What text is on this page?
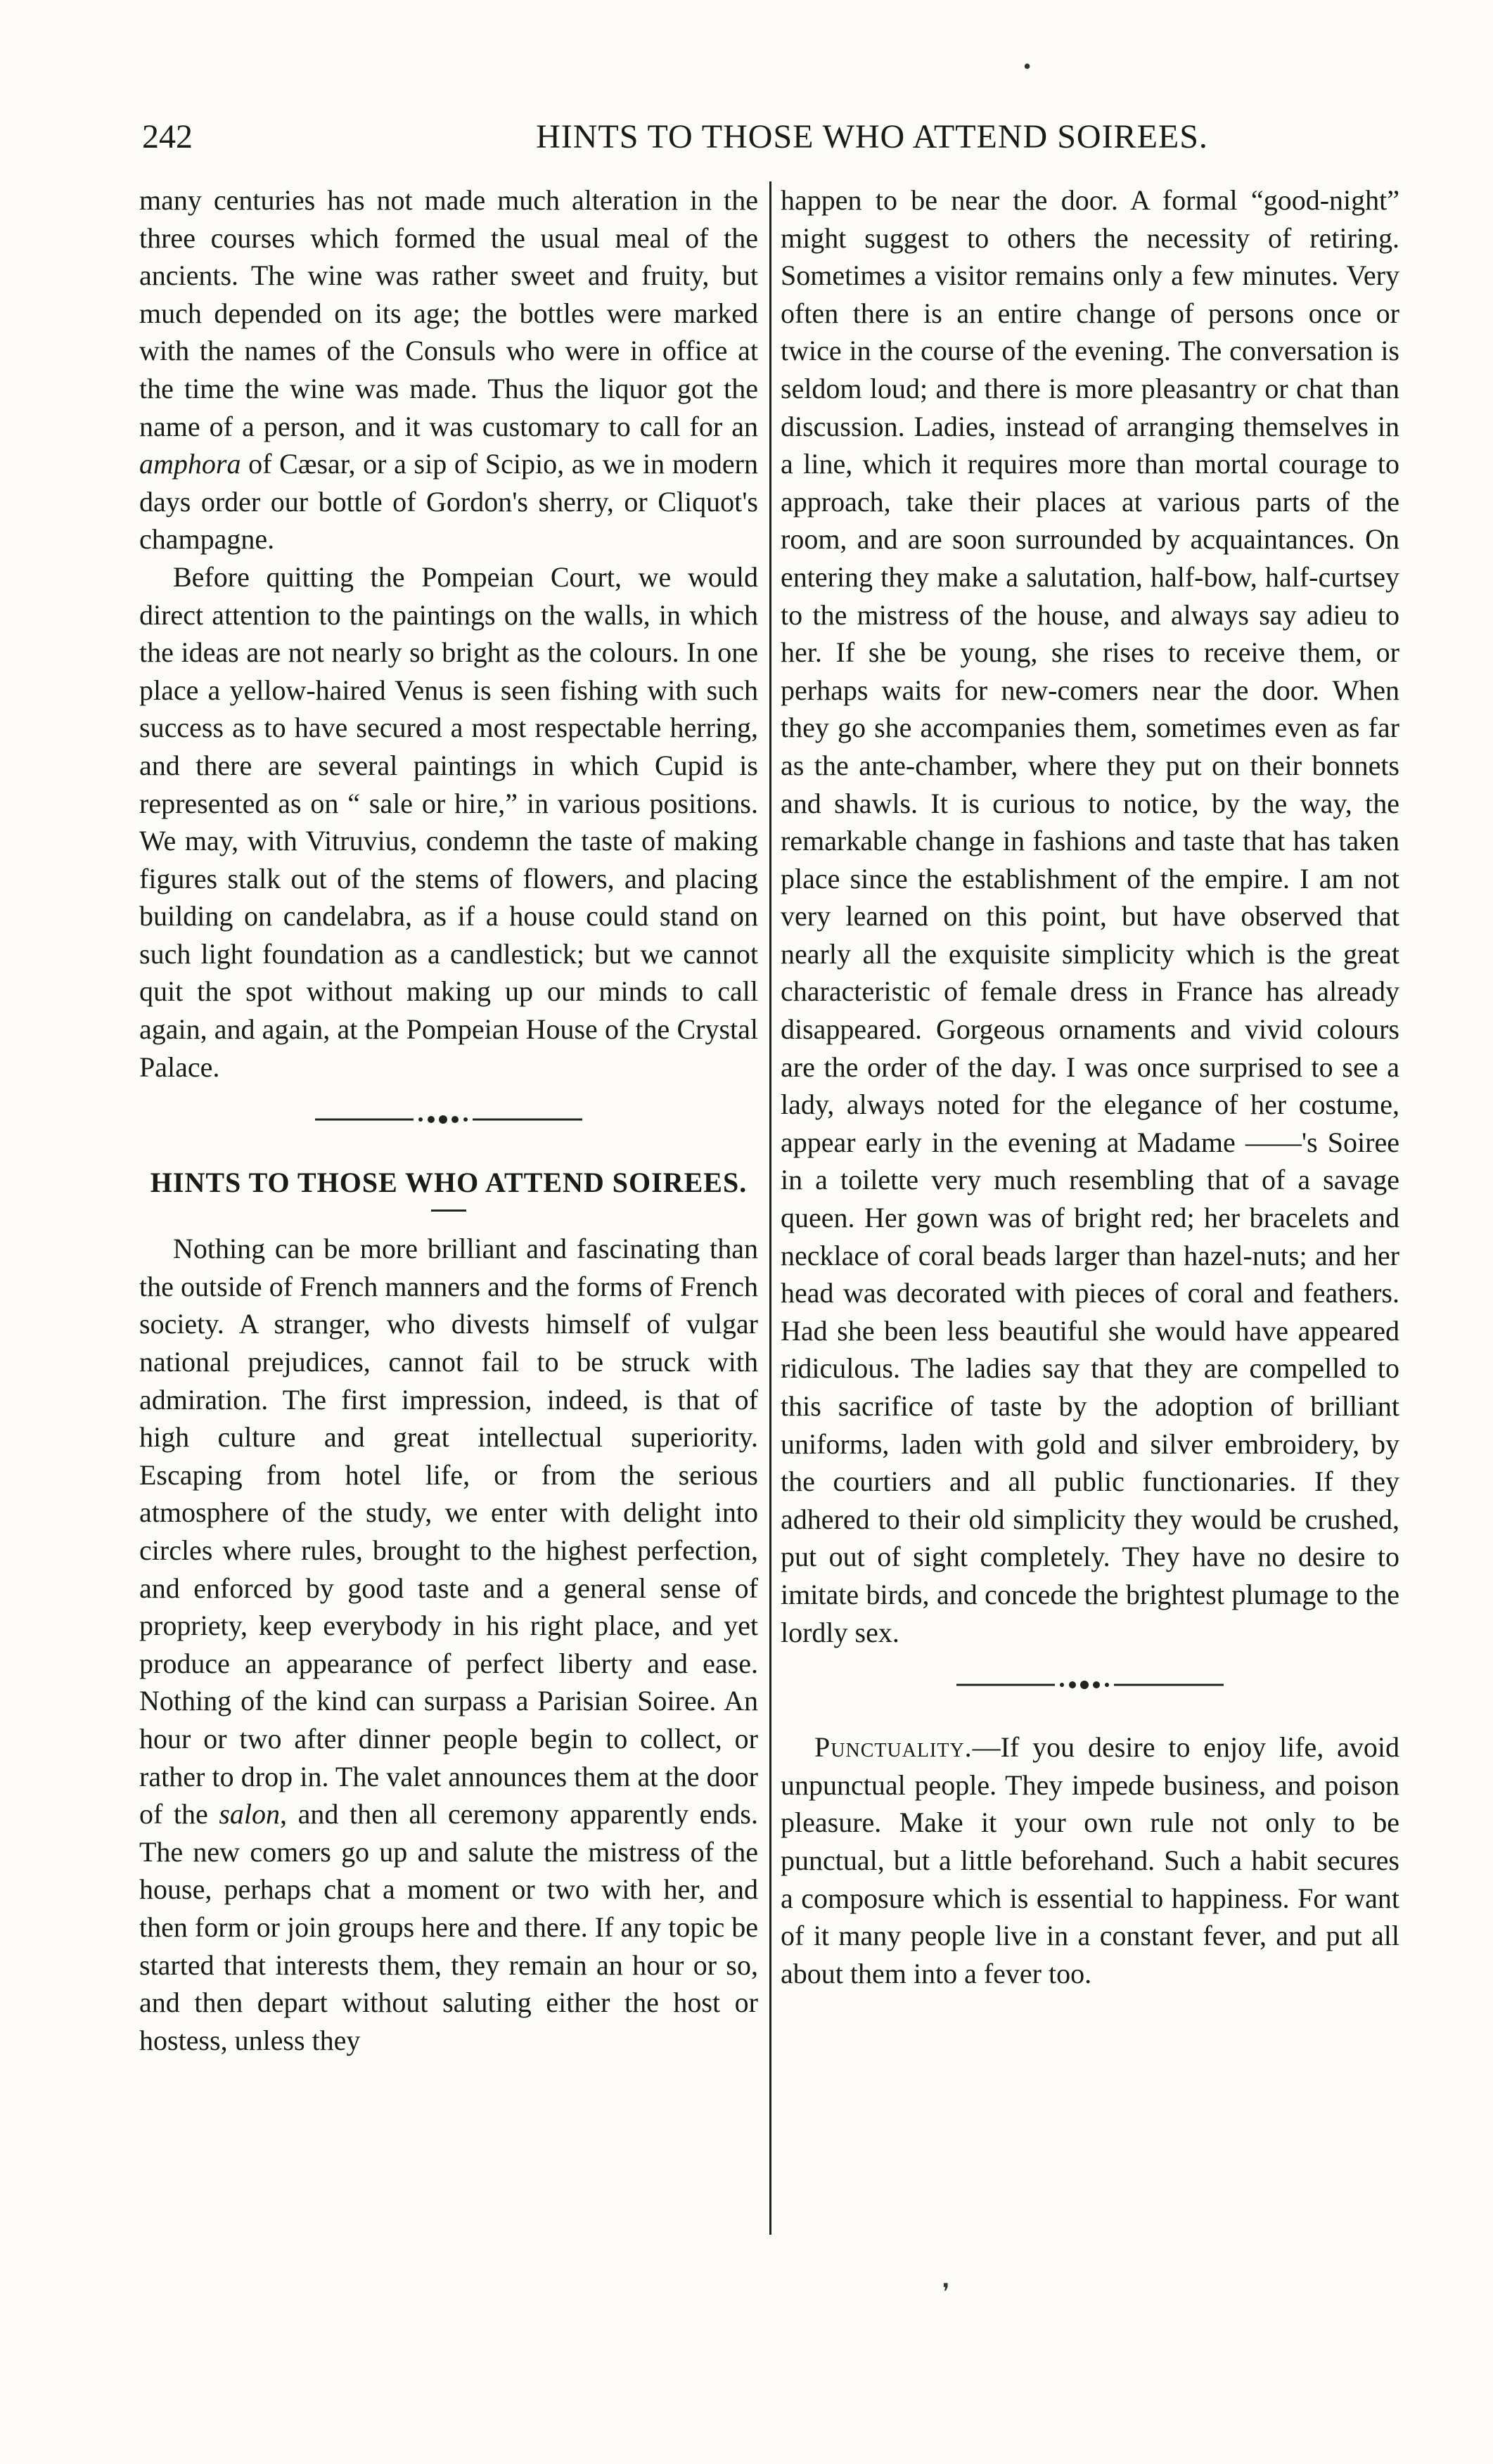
242	HINTS TO THOSE WHO ATTEND SOIREES.
•

many centuries has not made much alteration in the three courses which formed the usual meal of the ancients. The wine was rather sweet and fruity, but much depended on its age; the bottles were marked with the names of the Consuls who were in office at the time the wine was made. Thus the liquor got the name of a person, and it was customary to call for an amphora of Cæsar, or a sip of Scipio, as we in modern days order our bottle of Gordon's sherry, or Cliquot's champagne.

Before quitting the Pompeian Court, we would direct attention to the paintings on the walls, in which the ideas are not nearly so bright as the colours. In one place a yellow-haired Venus is seen fishing with such success as to have secured a most respectable herring, and there are several paintings in which Cupid is represented as on “ sale or hire,” in various positions. We may, with Vitruvius, condemn the taste of making figures stalk out of the stems of flowers, and placing building on candelabra, as if a house could stand on such light foundation as a candlestick; but we cannot quit the spot without making up our minds to call again, and again, at the Pompeian House of the Crystal Palace.

HINTS TO THOSE WHO ATTEND SOIREES.

Nothing can be more brilliant and fascinating than the outside of French manners and the forms of French society. A stranger, who divests himself of vulgar national prejudices, cannot fail to be struck with admiration. The first impression, indeed, is that of high culture and great intellectual superiority. Escaping from hotel life, or from the serious atmosphere of the study, we enter with delight into circles where rules, brought to the highest perfection, and enforced by good taste and a general sense of propriety, keep everybody in his right place, and yet produce an appearance of perfect liberty and ease. Nothing of the kind can surpass a Parisian Soiree. An hour or two after dinner people begin to collect, or rather to drop in. The valet announces them at the door of the salon, and then all ceremony apparently ends. The new comers go up and salute the mistress of the house, perhaps chat a moment or two with her, and then form or join groups here and there. If any topic be started that interests them, they remain an hour or so, and then depart without saluting either the host or hostess, unless they

happen to be near the door. A formal “good-night” might suggest to others the necessity of retiring. Sometimes a visitor remains only a few minutes. Very often there is an entire change of persons once or twice in the course of the evening. The conversation is seldom loud; and there is more pleasantry or chat than discussion. Ladies, instead of arranging themselves in a line, which it requires more than mortal courage to approach, take their places at various parts of the room, and are soon surrounded by acquaintances. On entering they make a salutation, half-bow, half-curtsey to the mistress of the house, and always say adieu to her. If she be young, she rises to receive them, or perhaps waits for new-comers near the door. When they go she accompanies them, sometimes even as far as the ante-chamber, where they put on their bonnets and shawls. It is curious to notice, by the way, the remarkable change in fashions and taste that has taken place since the establishment of the empire. I am not very learned on this point, but have observed that nearly all the exquisite simplicity which is the great characteristic of female dress in France has already disappeared. Gorgeous ornaments and vivid colours are the order of the day. I was once surprised to see a lady, always noted for the elegance of her costume, appear early in the evening at Madame ——'s Soiree in a toilette very much resembling that of a savage queen. Her gown was of bright red; her bracelets and necklace of coral beads larger than hazel-nuts; and her head was decorated with pieces of coral and feathers. Had she been less beautiful she would have appeared ridiculous. The ladies say that they are compelled to this sacrifice of taste by the adoption of brilliant uniforms, laden with gold and silver embroidery, by the courtiers and all public functionaries. If they adhered to their old simplicity they would be crushed, put out of sight completely. They have no desire to imitate birds, and concede the brightest plumage to the lordly sex.

Punctuality.—If you desire to enjoy life, avoid unpunctual people. They impede business, and poison pleasure. Make it your own rule not only to be punctual, but a little beforehand. Such a habit secures a composure which is essential to happiness. For want of it many people live in a constant fever, and put all about them into a fever too.

❜
